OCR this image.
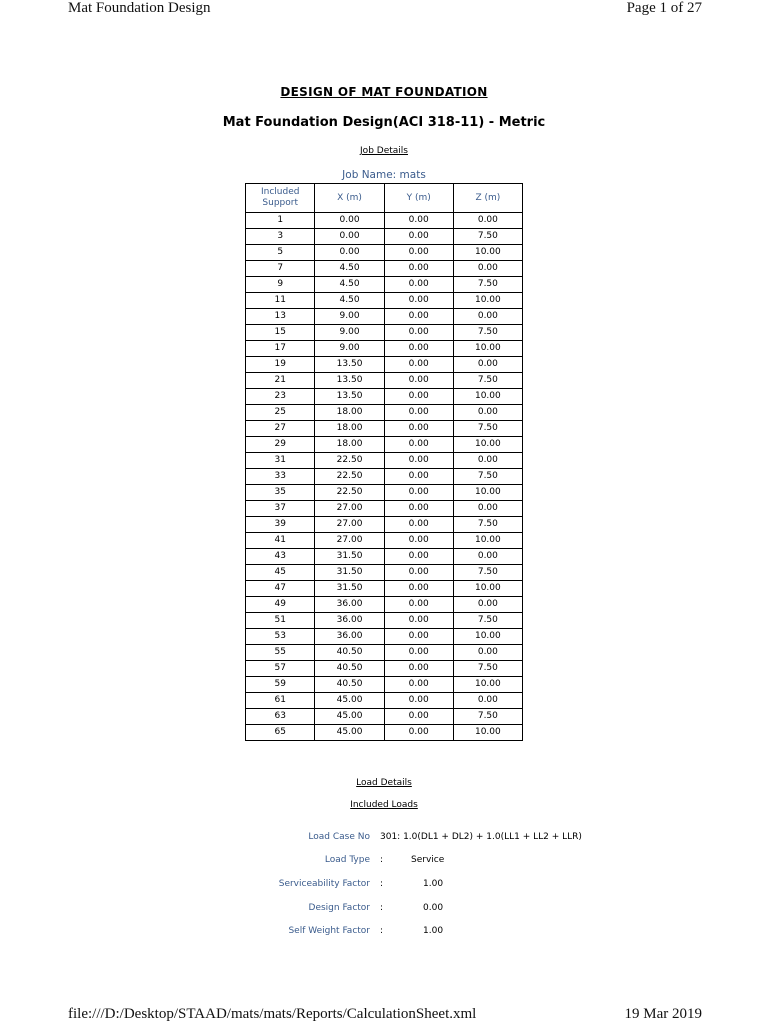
Mat Foundation Design	Page 1 of 27
DESIGN OF MAT FOUNDATION
Mat Foundation Design(ACI 318-11) - Metric
Job Details
Job Name: mats
Included Support	X (m)	Y (m)	Z (m)
1	0.00	0.00	0.00
3	0.00	0.00	7.50
5	0.00	0.00	10.00
7	4.50	0.00	0.00
9	4.50	0.00	7.50
11	4.50	0.00	10.00
13	9.00	0.00	0.00
15	9.00	0.00	7.50
17	9.00	0.00	10.00
19	13.50	0.00	0.00
21	13.50	0.00	7.50
23	13.50	0.00	10.00
25	18.00	0.00	0.00
27	18.00	0.00	7.50
29	18.00	0.00	10.00
31	22.50	0.00	0.00
33	22.50	0.00	7.50
35	22.50	0.00	10.00
37	27.00	0.00	0.00
39	27.00	0.00	7.50
41	27.00	0.00	10.00
43	31.50	0.00	0.00
45	31.50	0.00	7.50
47	31.50	0.00	10.00
49	36.00	0.00	0.00
51	36.00	0.00	7.50
53	36.00	0.00	10.00
55	40.50	0.00	0.00
57	40.50	0.00	7.50
59	40.50	0.00	10.00
61	45.00	0.00	0.00
63	45.00	0.00	7.50
65	45.00	0.00	10.00
Load Details
Included Loads
Load Case No 301: 1.0(DL1 + DL2) + 1.0(LL1 + LL2 + LLR)
Load Type :	Service
Serviceability Factor :	1.00
Design Factor :	0.00
Self Weight Factor :	1.00
file:///D:/Desktop/STAAD/mats/mats/Reports/CalculationSheet.xml	19 Mar 2019
